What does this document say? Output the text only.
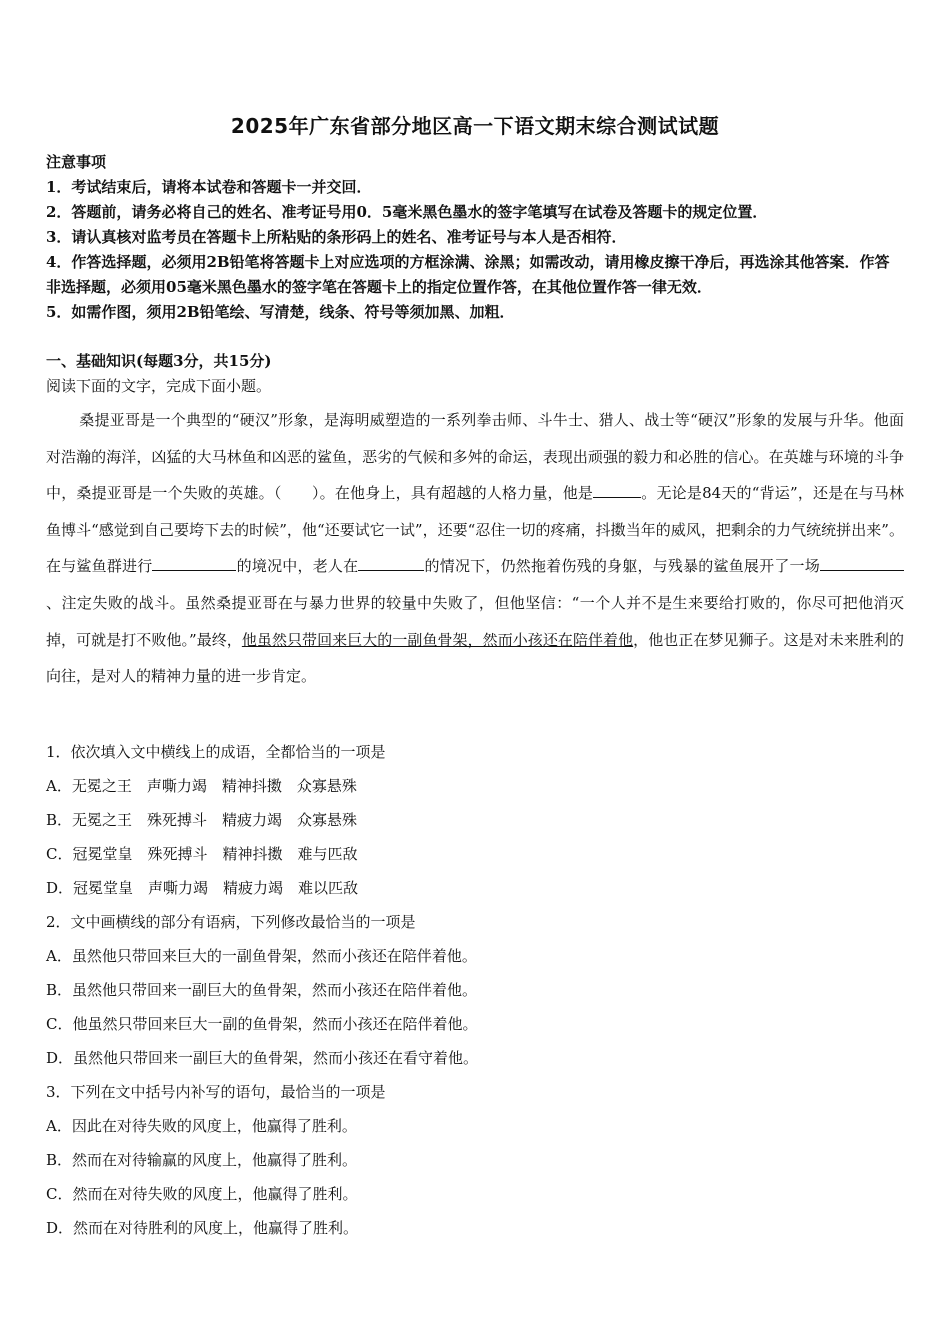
2025年广东省部分地区高一下语文期末综合测试试题
注意事项
1．考试结束后，请将本试卷和答题卡一并交回．
2．答题前，请务必将自己的姓名、准考证号用0．5毫米黑色墨水的签字笔填写在试卷及答题卡的规定位置．
3．请认真核对监考员在答题卡上所粘贴的条形码上的姓名、准考证号与本人是否相符．
4．作答选择题，必须用2B铅笔将答题卡上对应选项的方框涂满、涂黑；如需改动，请用橡皮擦干净后，再选涂其他答案．作答非选择题，必须用05毫米黑色墨水的签字笔在答题卡上的指定位置作答，在其他位置作答一律无效．
5．如需作图，须用2B铅笔绘、写清楚，线条、符号等须加黑、加粗．
一、基础知识(每题3分，共15分)
阅读下面的文字，完成下面小题。
桑提亚哥是一个典型的“硬汉”形象，是海明威塑造的一系列拳击师、斗牛士、猎人、战士等“硬汉”形象的发展与升华。他面对浩瀚的海洋，凶猛的大马林鱼和凶恶的鲨鱼，恶劣的气候和多舛的命运，表现出顽强的毅力和必胜的信心。在英雄与环境的斗争中，桑提亚哥是一个失败的英雄。（　　）。在他身上，具有超越的人格力量，他是	。无论是84天的“背运”，还是在与马林鱼博斗“感觉到自己要垮下去的时候”，他“还要试它一试”，还要“忍住一切的疼痛，抖擞当年的威风，把剩余的力气统统拼出来”。在与鲨鱼群进行	的境况中，老人在	的情况下，仍然拖着伤残的身躯，与残暴的鲨鱼展开了一场、注定失败的战斗。虽然桑提亚哥在与暴力世界的较量中失败了，但他坚信：“一个人并不是生来要给打败的，你尽可把他消灭掉，可就是打不败他。”最终，他虽然只带回来巨大的一副鱼骨架，然而小孩还在陪伴着他，他也正在梦见狮子。这是对未来胜利的向往，是对人的精神力量的进一步肯定。
1．依次填入文中横线上的成语，全都恰当的一项是
A．无冕之王　声嘶力竭　精神抖擞　众寡悬殊
B．无冕之王　殊死搏斗　精疲力竭　众寡悬殊
C．冠冕堂皇　殊死搏斗　精神抖擞　难与匹敌
D．冠冕堂皇　声嘶力竭　精疲力竭　难以匹敌
2．文中画横线的部分有语病，下列修改最恰当的一项是
A．虽然他只带回来巨大的一副鱼骨架，然而小孩还在陪伴着他。
B．虽然他只带回来一副巨大的鱼骨架，然而小孩还在陪伴着他。
C．他虽然只带回来巨大一副的鱼骨架，然而小孩还在陪伴着他。
D．虽然他只带回来一副巨大的鱼骨架，然而小孩还在看守着他。
3．下列在文中括号内补写的语句，最恰当的一项是
A．因此在对待失败的风度上，他赢得了胜利。
B．然而在对待输赢的风度上，他赢得了胜利。
C．然而在对待失败的风度上，他赢得了胜利。
D．然而在对待胜利的风度上，他赢得了胜利。
